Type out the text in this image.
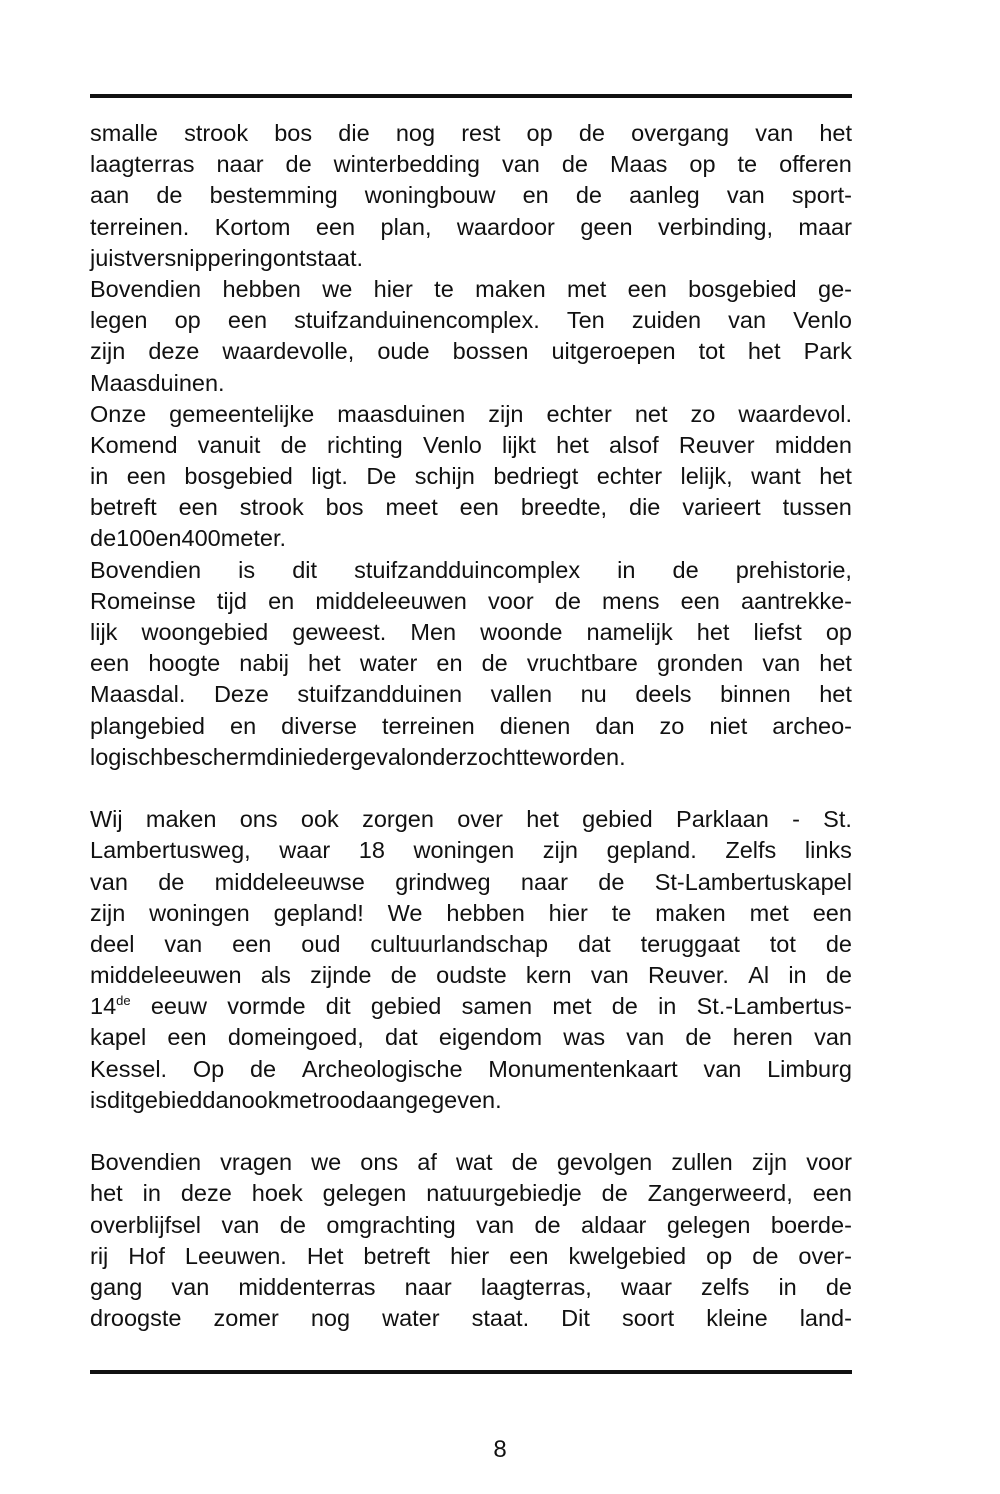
smalle strook bos die nog rest op de overgang van het
laagterras naar de winterbedding van de Maas op te offeren
aan de bestemming woningbouw en de aanleg van sport-
terreinen. Kortom een plan, waardoor geen verbinding, maar
juist versnippering ontstaat.
Bovendien hebben we hier te maken met een bosgebied ge-
legen op een stuifzanduinencomplex. Ten zuiden van Venlo
zijn deze waardevolle, oude bossen uitgeroepen tot het Park
Maasduinen.
Onze gemeentelijke maasduinen zijn echter net zo waardevol.
Komend vanuit de richting Venlo lijkt het alsof Reuver midden
in een bosgebied ligt. De schijn bedriegt echter lelijk, want het
betreft een strook bos meet een breedte, die varieert tussen
de 100 en 400 meter.
Bovendien is dit stuifzandduincomplex in de prehistorie,
Romeinse tijd en middeleeuwen voor de mens een aantrekke-
lijk woongebied geweest. Men woonde namelijk het liefst op
een hoogte nabij het water en de vruchtbare gronden van het
Maasdal. Deze stuifzandduinen vallen nu deels binnen het
plangebied en diverse terreinen dienen dan zo niet archeo-
logisch beschermd in ieder geval onderzocht te worden.
Wij maken ons ook zorgen over het gebied Parklaan - St.
Lambertusweg, waar 18 woningen zijn gepland. Zelfs links
van de middeleeuwse grindweg naar de St-Lambertuskapel
zijn woningen gepland! We hebben hier te maken met een
deel van een oud cultuurlandschap dat teruggaat tot de
middeleeuwen als zijnde de oudste kern van Reuver. Al in de
14de eeuw vormde dit gebied samen met de in St.-Lambertus-
kapel een domeingoed, dat eigendom was van de heren van
Kessel. Op de Archeologische Monumentenkaart van Limburg
is dit gebied dan ook met rood aangegeven.
Bovendien vragen we ons af wat de gevolgen zullen zijn voor
het in deze hoek gelegen natuurgebiedje de Zangerweerd, een
overblijfsel van de omgrachting van de aldaar gelegen boerde-
rij Hof Leeuwen. Het betreft hier een kwelgebied op de over-
gang van middenterras naar laagterras, waar zelfs in de
droogste zomer nog water staat. Dit soort kleine land-
8
